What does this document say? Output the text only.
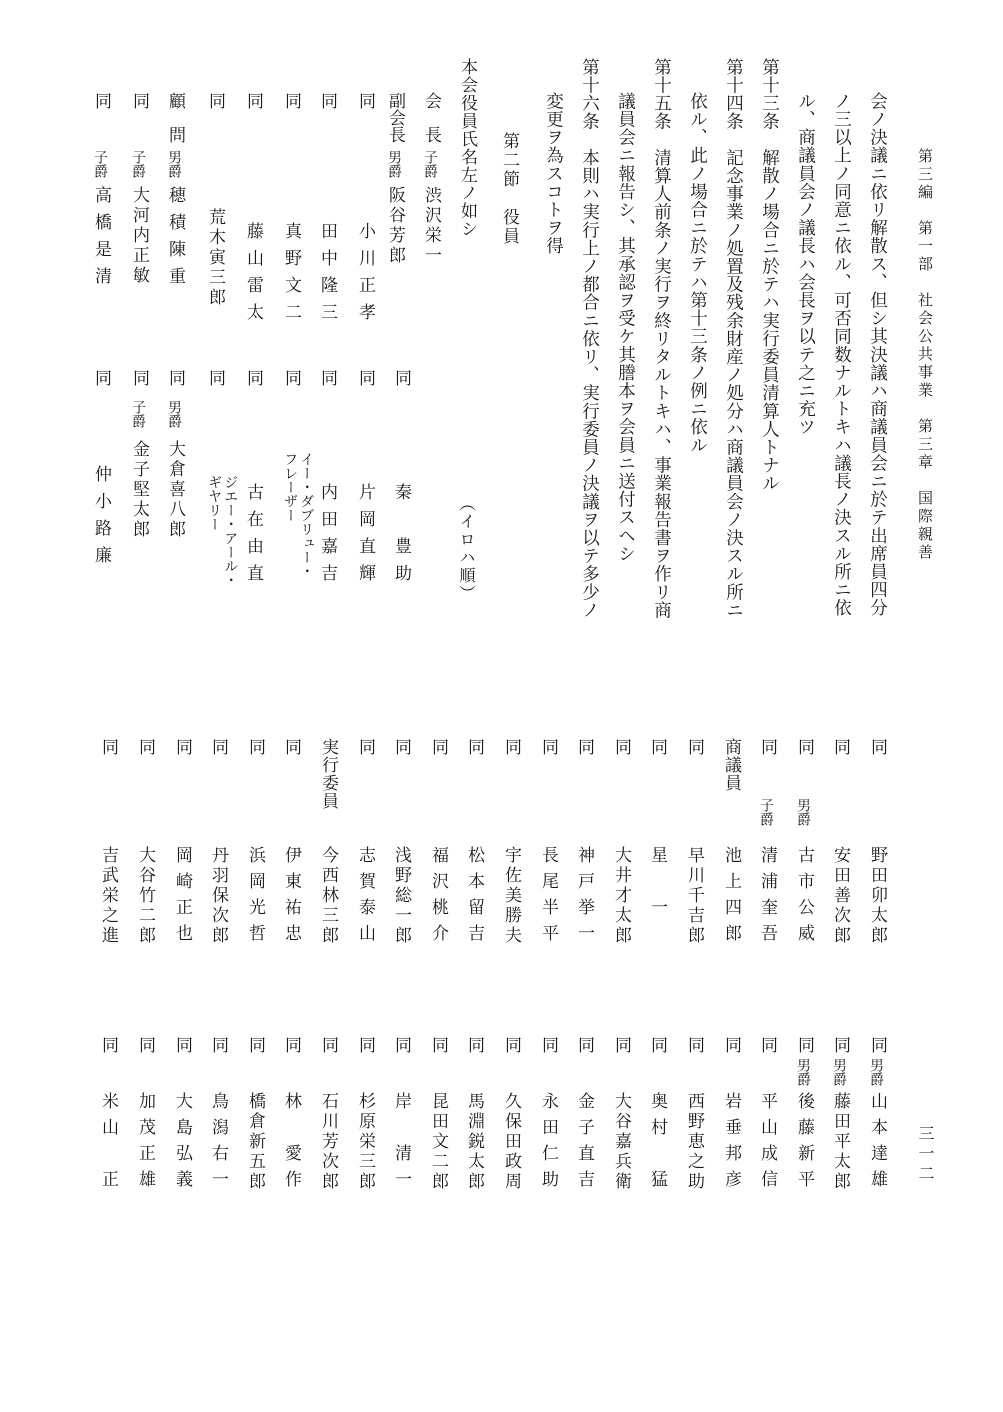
第三編　第一部　社会公共事業　第三章　国際親善
三一二
会ノ決議ニ依リ解散ス、但シ其決議ハ商議員会ニ於テ出席員四分
ノ三以上ノ同意ニ依ル、可否同数ナルトキハ議長ノ決スル所ニ依
ル、商議員会ノ議長ハ会長ヲ以テ之ニ充ツ
第十三条　解散ノ場合ニ於テハ実行委員清算人トナル
第十四条　記念事業ノ処置及残余財産ノ処分ハ商議員会ノ決スル所ニ
依ル、此ノ場合ニ於テハ第十三条ノ例ニ依ル
第十五条　清算人前条ノ実行ヲ終リタルトキハ、事業報告書ヲ作リ商
議員会ニ報告シ、其承認ヲ受ケ其謄本ヲ会員ニ送付スヘシ
第十六条　本則ハ実行上ノ都合ニ依リ、実行委員ノ決議ヲ以テ多少ノ
変更ヲ為スコトヲ得
第二節　役員
本会役員氏名左ノ如シ
（イロハ順）
会　長
子爵
渋沢栄一
同
秦　豊助
副会長
男爵
阪谷芳郎
同
小川正孝
同
片岡直輝
同
田中隆三
同
内田嘉吉
同
真野文二
同
イー・ダブリュー・
フレーザー
同
藤山雷太
同
古在由直
同
荒木寅三郎
同
ジエー・アール・
ギヤリー
顧　問
男爵
穂積陳重
同
男爵
大倉喜八郎
同
子爵
大河内正敏
同
子爵
金子堅太郎
同
子爵
高橋是清
同
仲小路廉
同
野田卯太郎
同
男爵
山本達雄
同
安田善次郎
同
男爵
藤田平太郎
同
男爵
古市公威
同
男爵
後藤新平
同
子爵
清浦奎吾
同
平山成信
商議員
池上四郎
同
岩垂邦彦
同
早川千吉郎
同
西野恵之助
同
星　一
同
奥村　猛
同
大井才太郎
同
大谷嘉兵衛
同
神戸挙一
同
金子直吉
同
長尾半平
同
永田仁助
同
宇佐美勝夫
同
久保田政周
同
松本留吉
同
馬淵鋭太郎
同
福沢桃介
同
昆田文二郎
同
浅野総一郎
同
岸　清一
同
志賀泰山
同
杉原栄三郎
実行委員
今西林三郎
同
石川芳次郎
同
伊東祐忠
同
林　愛作
同
浜岡光哲
同
橋倉新五郎
同
丹羽保次郎
同
鳥潟右一
同
岡崎正也
同
大島弘義
同
大谷竹二郎
同
加茂正雄
同
吉武栄之進
同
米山　正
